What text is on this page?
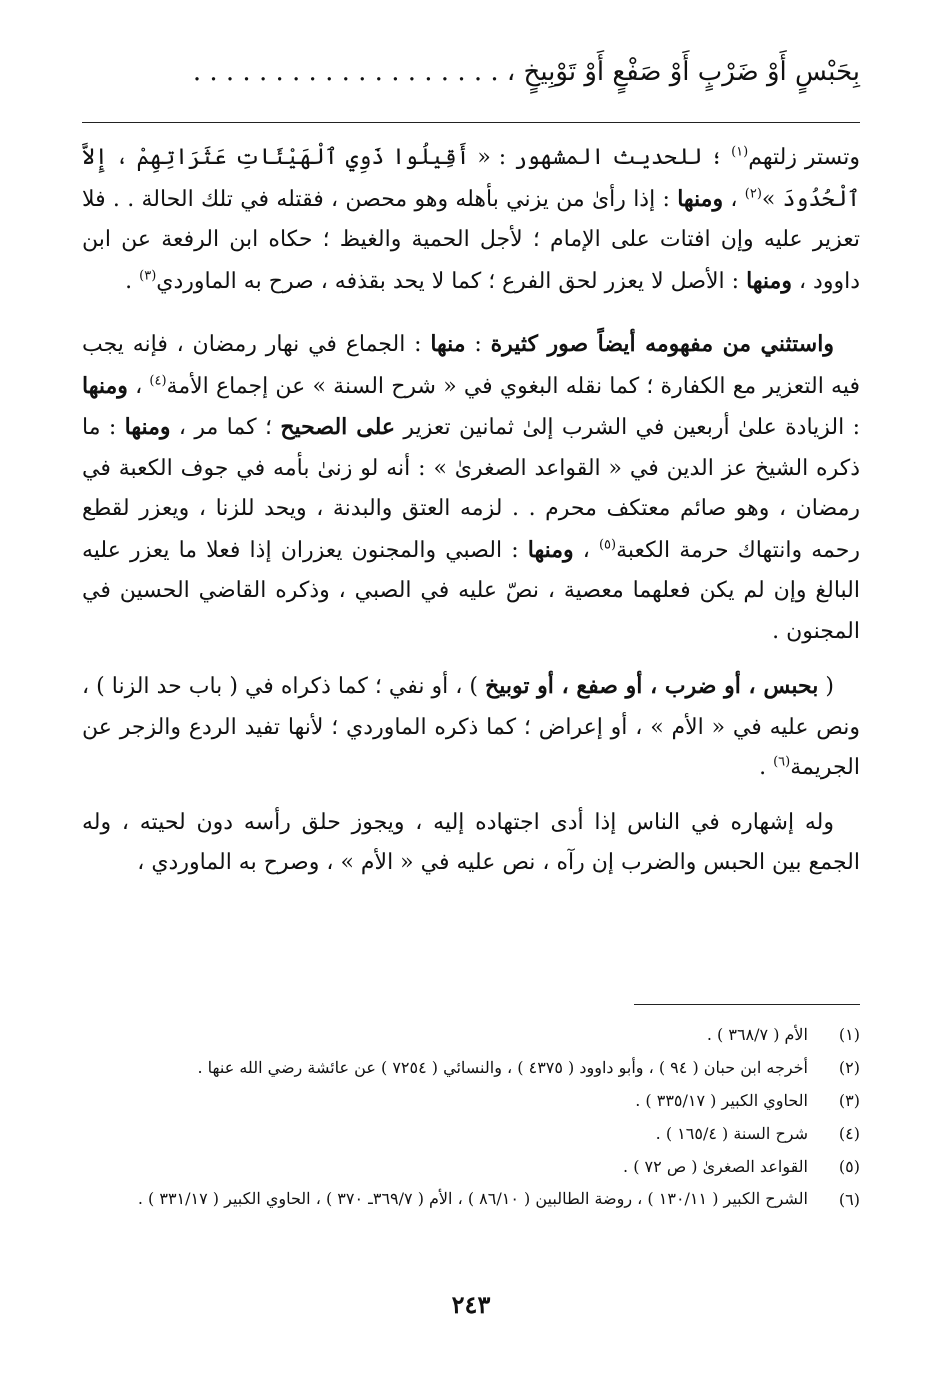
بِحَبْسٍ أَوْ ضَرْبٍ أَوْ صَفْعٍ أَوْ تَوْبِيخٍ ، . . . . . . . . . . . . . . . . . . .

وتستر زلتهم$^{(١)}$ ؛ للحديث المشهور : « أَقِيلُوا ذَوِي ٱلْهَيْئَاتِ عَثَرَاتِهِمْ ، إِلاَّ ٱلْحُدُودَ »$^{(٢)}$ ، ومنها : إذا رأىٰ من يزني بأهله وهو محصن ، فقتله في تلك الحالة . . فلا تعزير عليه وإن افتات على الإمام ؛ لأجل الحمية والغيظ ؛ حكاه ابن الرفعة عن ابن داوود ، ومنها : الأصل لا يعزر لحق الفرع ؛ كما لا يحد بقذفه ، صرح به الماوردي$^{(٣)}$ .

واستثني من مفهومه أيضاً صور كثيرة : منها : الجماع في نهار رمضان ، فإنه يجب فيه التعزير مع الكفارة ؛ كما نقله البغوي في « شرح السنة » عن إجماع الأمة$^{(٤)}$ ، ومنها : الزيادة علىٰ أربعين في الشرب إلىٰ ثمانين تعزير على الصحيح ؛ كما مر ، ومنها : ما ذكره الشيخ عز الدين في « القواعد الصغرىٰ » : أنه لو زنىٰ بأمه في جوف الكعبة في رمضان ، وهو صائم معتكف محرم . . لزمه العتق والبدنة ، ويحد للزنا ، ويعزر لقطع رحمه وانتهاك حرمة الكعبة$^{(٥)}$ ، ومنها : الصبي والمجنون يعزران إذا فعلا ما يعزر عليه البالغ وإن لم يكن فعلهما معصية ، نصّ عليه في الصبي ، وذكره القاضي الحسين في المجنون .

( بحبس ، أو ضرب ، أو صفع ، أو توبيخ ) ، أو نفي ؛ كما ذكراه في ( باب حد الزنا ) ، ونص عليه في « الأم » ، أو إعراض ؛ كما ذكره الماوردي ؛ لأنها تفيد الردع والزجر عن الجريمة$^{(٦)}$ .

وله إشهاره في الناس إذا أدى اجتهاده إليه ، ويجوز حلق رأسه دون لحيته ، وله الجمع بين الحبس والضرب إن رآه ، نص عليه في « الأم » ، وصرح به الماوردي ،

(١)
الأم ( ٣٦٨/٧ ) .
(٢)
أخرجه ابن حبان ( ٩٤ ) ، وأبو داوود ( ٤٣٧٥ ) ، والنسائي ( ٧٢٥٤ ) عن عائشة رضي الله عنها .
(٣)
الحاوي الكبير ( ٣٣٥/١٧ ) .
(٤)
شرح السنة ( ١٦٥/٤ ) .
(٥)
القواعد الصغرىٰ ( ص ٧٢ ) .
(٦)
الشرح الكبير ( ١٣٠/١١ ) ، روضة الطالبين ( ٨٦/١٠ ) ، الأم ( ٣٦٩/٧ـ ٣٧٠ ) ، الحاوي الكبير ( ٣٣١/١٧ ) .
٢٤٣
